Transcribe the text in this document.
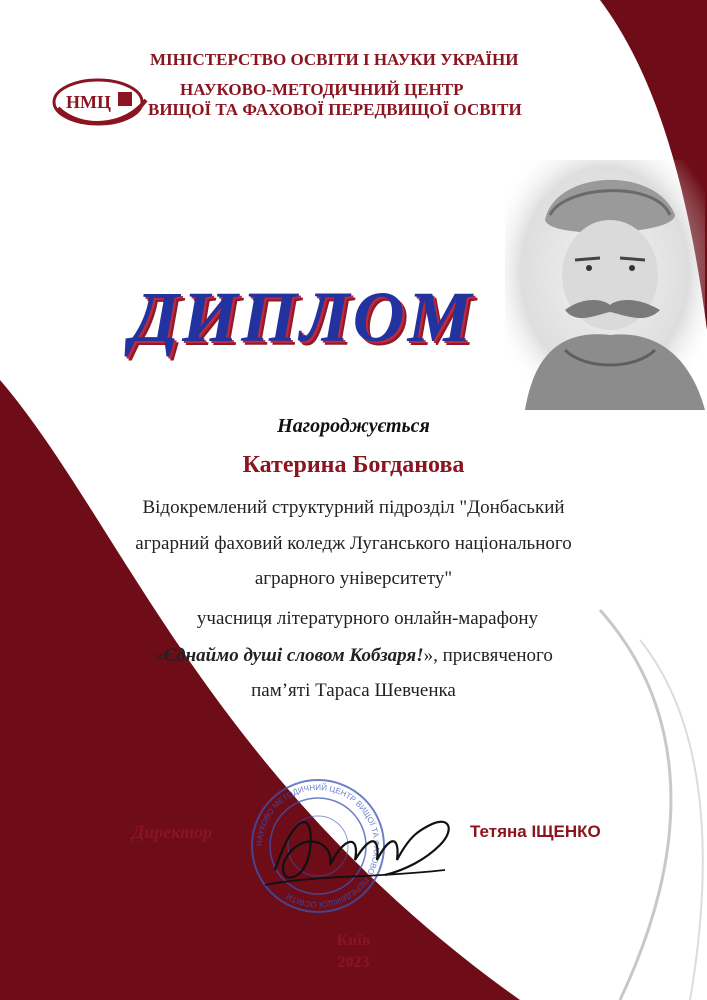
НМЦ
МІНІСТЕРСТВО ОСВІТИ І НАУКИ УКРАЇНИ
НАУКОВО-МЕТОДИЧНИЙ ЦЕНТР
ВИЩОЇ ТА ФАХОВОЇ ПЕРЕДВИЩОЇ ОСВІТИ
ДИПЛОМ
Нагороджується
Катерина Богданова
Відокремлений структурний підрозділ "Донбаський
аграрний фаховий коледж Луганського національного
аграрного університету"
учасниця літературного онлайн-марафону
«Єднаймо душі словом Кобзаря!», присвяченого
пам’яті Тараса Шевченка
НАУКОВО МЕТОДИЧНИЙ ЦЕНТР ВИЩОЇ ТА ФАХОВОЇ ПЕРЕДВИЩОЇ ОСВІТИ
Директор	Тетяна ІЩЕНКО
Київ
2023
